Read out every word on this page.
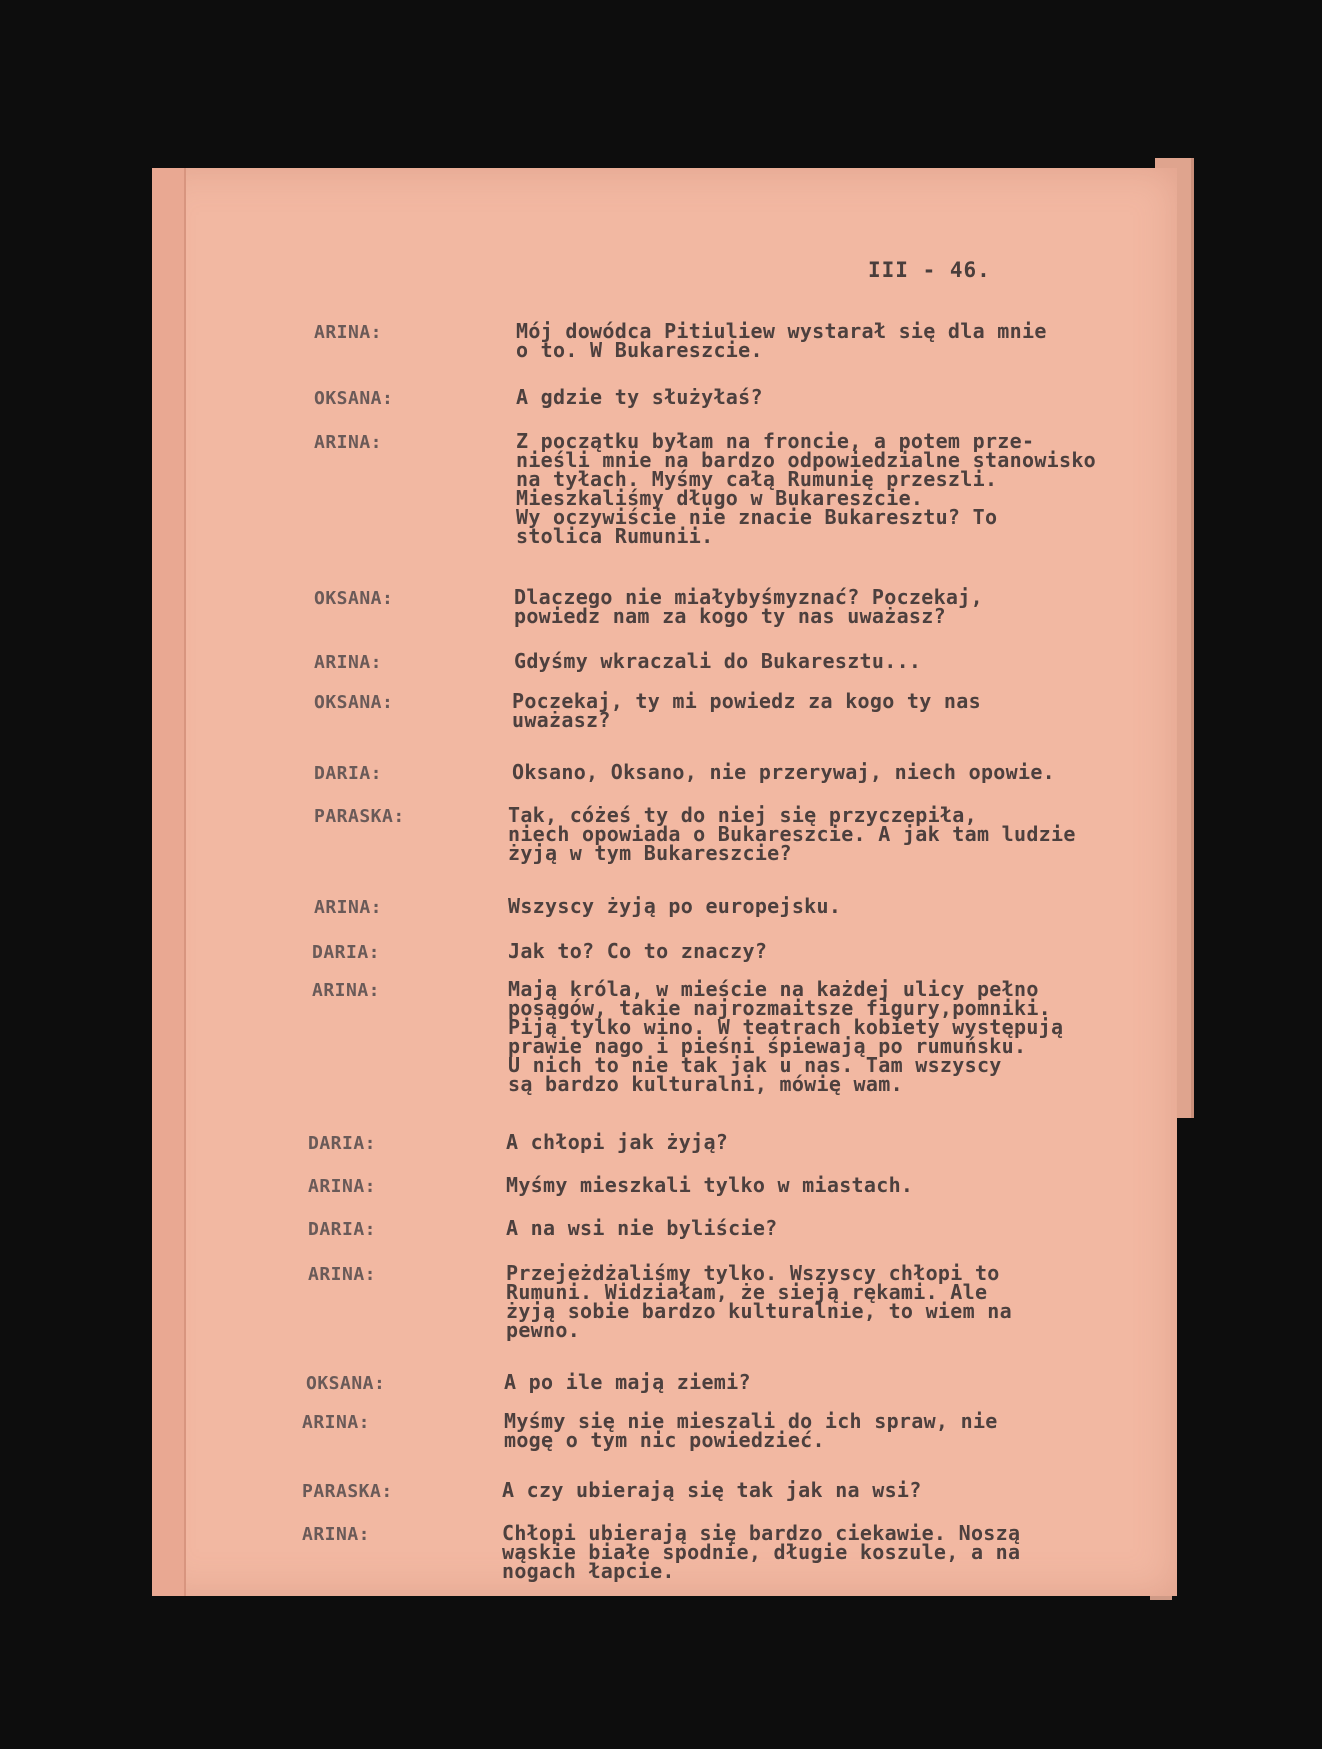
III - 46.
ARINA:	Mój dowódca Pitiuliew wystarał się dla mnie
o to. W Bukareszcie.
OKSANA:	A gdzie ty służyłaś?
ARINA:	Z początku byłam na froncie, a potem prze-
nieśli mnie na bardzo odpowiedzialne stanowisko
na tyłach. Myśmy całą Rumunię przeszli.
Mieszkaliśmy długo w Bukareszcie.
Wy oczywiście nie znacie Bukaresztu? To
stolica Rumunii.
OKSANA:	Dlaczego nie miałybyśmyznać? Poczekaj,
powiedz nam za kogo ty nas uważasz?
ARINA:	Gdyśmy wkraczali do Bukaresztu...
OKSANA:	Poczekaj, ty mi powiedz za kogo ty nas
uważasz?
DARIA:	Oksano, Oksano, nie przerywaj, niech opowie.
PARASKA:	Tak, cóżeś ty do niej się przyczepiła,
niech opowiada o Bukareszcie. A jak tam ludzie
żyją w tym Bukareszcie?
ARINA:	Wszyscy żyją po europejsku.
DARIA:	Jak to? Co to znaczy?
ARINA:	Mają króla, w mieście na każdej ulicy pełno
posągów, takie najrozmaitsze figury,pomniki.
Piją tylko wino. W teatrach kobiety występują
prawie nago i pieśni śpiewają po rumuńsku.
U nich to nie tak jak u nas. Tam wszyscy
są bardzo kulturalni, mówię wam.
DARIA:	A chłopi jak żyją?
ARINA:	Myśmy mieszkali tylko w miastach.
DARIA:	A na wsi nie byliście?
ARINA:	Przejeżdżaliśmy tylko. Wszyscy chłopi to
Rumuni. Widziałam, że sieją rękami. Ale
żyją sobie bardzo kulturalnie, to wiem na
pewno.
OKSANA:	A po ile mają ziemi?
ARINA:	Myśmy się nie mieszali do ich spraw, nie
mogę o tym nic powiedzieć.
PARASKA:	A czy ubierają się tak jak na wsi?
ARINA:	Chłopi ubierają się bardzo ciekawie. Noszą
wąskie białe spodnie, długie koszule, a na
nogach łapcie.
